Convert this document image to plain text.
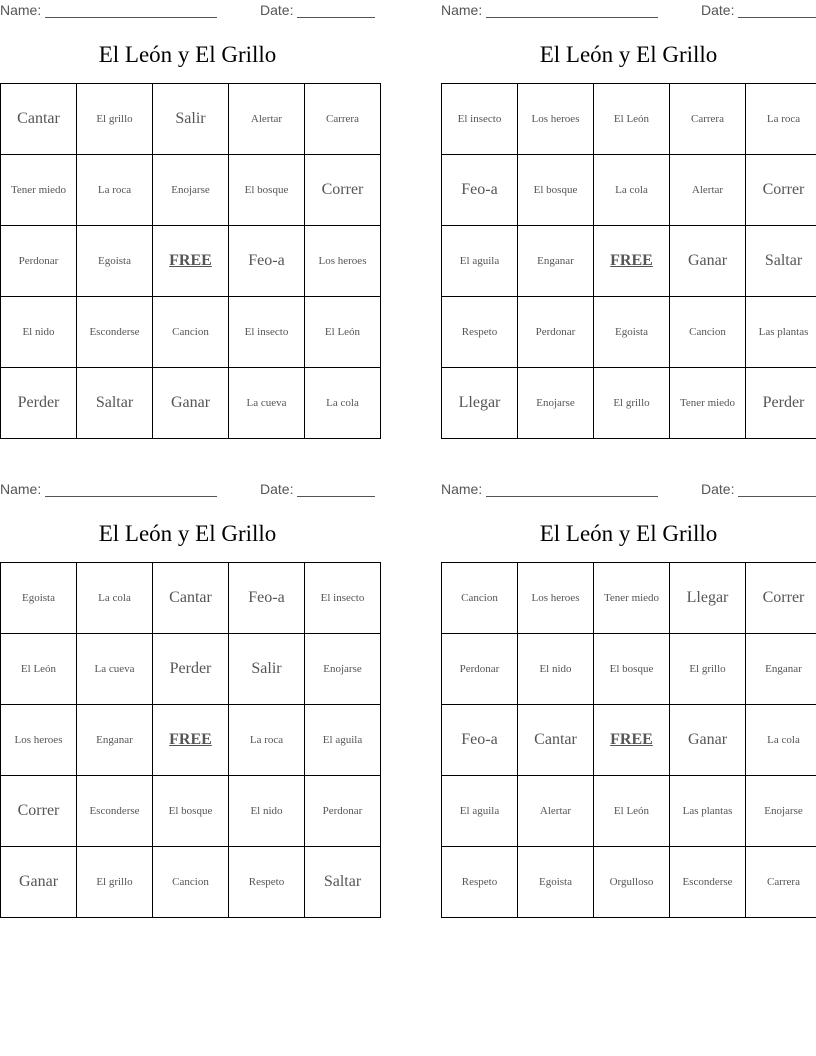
Name:	Date:
El León y El Grillo
Cantar	El grillo	Salir	Alertar	Carrera
Tener miedo	La roca	Enojarse	El bosque	Correr
Perdonar	Egoista	FREE	Feo-a	Los heroes
El nido	Esconderse	Cancion	El insecto	El León
Perder	Saltar	Ganar	La cueva	La cola
Name:	Date:
El León y El Grillo
El insecto	Los heroes	El León	Carrera	La roca
Feo-a	El bosque	La cola	Alertar	Correr
El aguila	Enganar	FREE	Ganar	Saltar
Respeto	Perdonar	Egoista	Cancion	Las plantas
Llegar	Enojarse	El grillo	Tener miedo	Perder
Name:	Date:
El León y El Grillo
Egoista	La cola	Cantar	Feo-a	El insecto
El León	La cueva	Perder	Salir	Enojarse
Los heroes	Enganar	FREE	La roca	El aguila
Correr	Esconderse	El bosque	El nido	Perdonar
Ganar	El grillo	Cancion	Respeto	Saltar
Name:	Date:
El León y El Grillo
Cancion	Los heroes	Tener miedo	Llegar	Correr
Perdonar	El nido	El bosque	El grillo	Enganar
Feo-a	Cantar	FREE	Ganar	La cola
El aguila	Alertar	El León	Las plantas	Enojarse
Respeto	Egoista	Orgulloso	Esconderse	Carrera
